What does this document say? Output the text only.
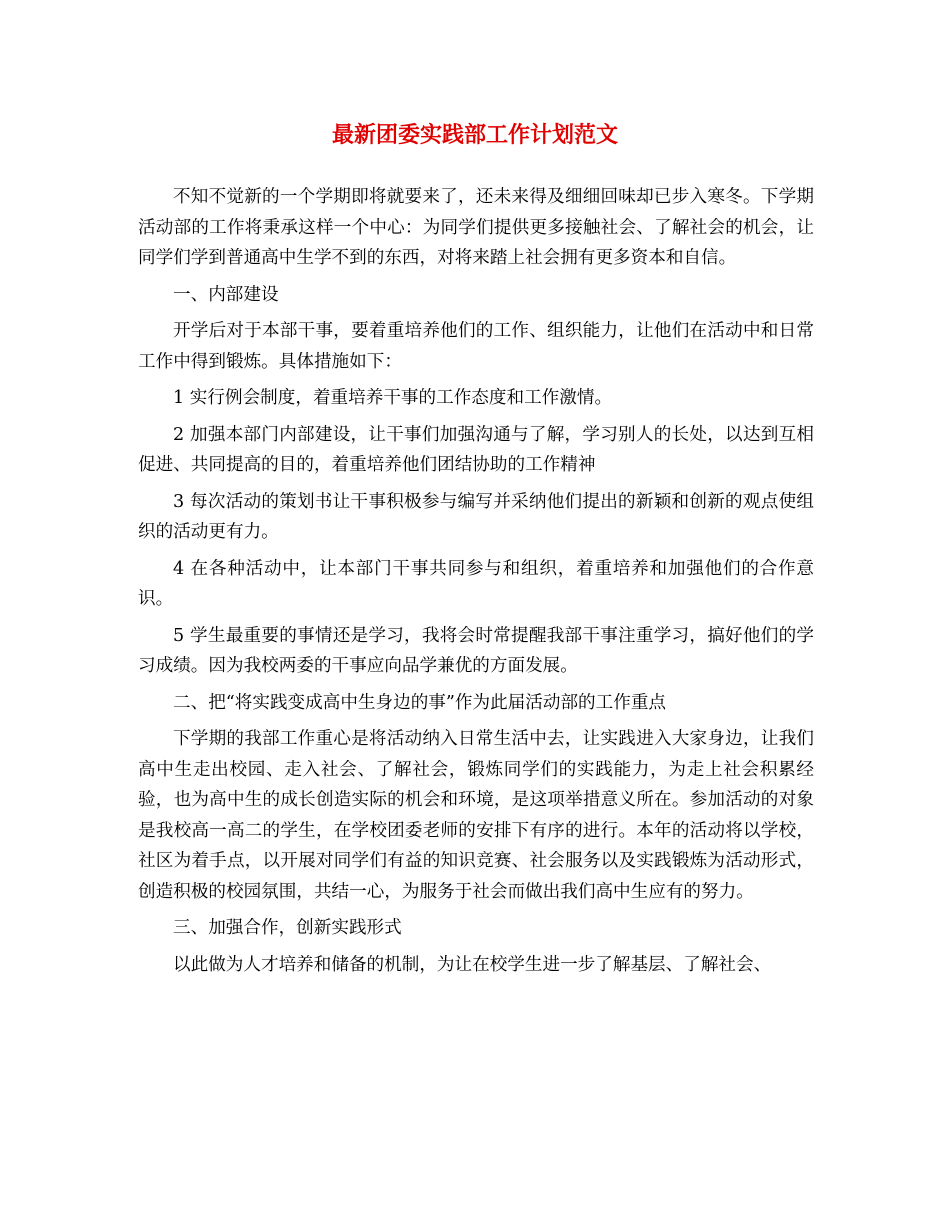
最新团委实践部工作计划范文

不知不觉新的一个学期即将就要来了，还未来得及细细回味却已步入寒冬。下学期活动部的工作将秉承这样一个中心：为同学们提供更多接触社会、了解社会的机会，让同学们学到普通高中生学不到的东西，对将来踏上社会拥有更多资本和自信。

一、内部建设

开学后对于本部干事，要着重培养他们的工作、组织能力，让他们在活动中和日常工作中得到锻炼。具体措施如下：

1 实行例会制度，着重培养干事的工作态度和工作激情。

2 加强本部门内部建设，让干事们加强沟通与了解，学习别人的长处，以达到互相促进、共同提高的目的，着重培养他们团结协助的工作精神

3 每次活动的策划书让干事积极参与编写并采纳他们提出的新颖和创新的观点使组织的活动更有力。

4 在各种活动中，让本部门干事共同参与和组织，着重培养和加强他们的合作意识。

5 学生最重要的事情还是学习，我将会时常提醒我部干事注重学习，搞好他们的学习成绩。因为我校两委的干事应向品学兼优的方面发展。

二、把“将实践变成高中生身边的事”作为此届活动部的工作重点

下学期的我部工作重心是将活动纳入日常生活中去，让实践进入大家身边，让我们高中生走出校园、走入社会、了解社会，锻炼同学们的实践能力，为走上社会积累经验，也为高中生的成长创造实际的机会和环境，是这项举措意义所在。参加活动的对象是我校高一高二的学生，在学校团委老师的安排下有序的进行。本年的活动将以学校，社区为着手点，以开展对同学们有益的知识竞赛、社会服务以及实践锻炼为活动形式，创造积极的校园氛围，共结一心，为服务于社会而做出我们高中生应有的努力。

三、加强合作，创新实践形式

以此做为人才培养和储备的机制，为让在校学生进一步了解基层、了解社会、
